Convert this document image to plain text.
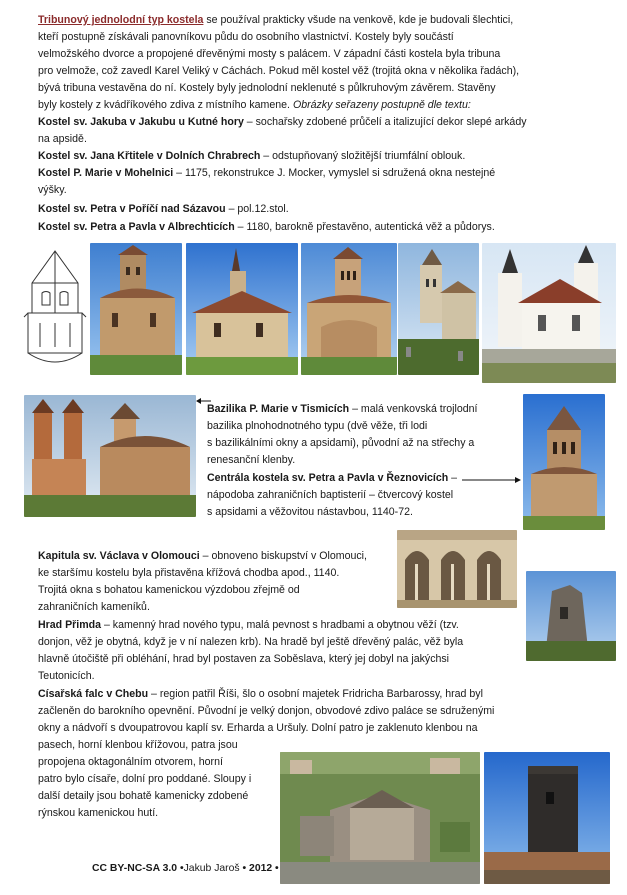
Tribunový jednolodní typ kostela se používal prakticky všude na venkově, kde je budovali šlechtici,
kteří postupně získávali panovníkovu půdu do osobního vlastnictví. Kostely byly součástí
velmožského dvorce a propojené dřevěnými mosty s palácem. V západní části kostela byla tribuna
pro velmože, což zavedl Karel Veliký v Cáchách. Pokud měl kostel věž (trojitá okna v několika řadách),
bývá tribuna vestavěna do ní. Kostely byly jednolodní neklenuté s půlkruhovým závěrem. Stavěny
byly kostely z kvádříkového zdiva z místního kamene. Obrázky seřazeny postupně dle textu:
Kostel sv. Jakuba v Jakubu u Kutné hory – sochařsky zdobené průčelí a italizující dekor slepé arkády
na apsidě.
Kostel sv. Jana Křtitele v Dolních Chrabrech – odstupňovaný složitější triumfální oblouk.
Kostel P. Marie v Mohelnici – 1175, rekonstrukce J. Mocker, vymyslel si sdružená okna nestejné
výšky.
Kostel sv. Petra v Poříčí nad Sázavou – pol.12.stol.
Kostel sv. Petra a Pavla v Albrechticích – 1180, barokně přestavěno, autentická věž a půdorys.
Bazilika P. Marie v Tismicích – malá venkovská trojlodní
bazilika plnohodnotného typu (dvě věže, tři lodi
s bazilikálními okny a apsidami), původní až na střechy a
renesanční klenby.
Centrála kostela sv. Petra a Pavla v Řeznovicích –
nápodoba zahraničních baptisterií – čtvercový kostel
s apsidami a věžovitou nástavbou, 1140-72.
Kapitula sv. Václava v Olomouci – obnoveno biskupství v Olomouci,
ke staršímu kostelu byla přistavěna křížová chodba apod., 1140.
Trojitá okna s bohatou kamenickou výzdobou zřejmě od
zahraničních kameníků.
Hrad Přimda – kamenný hrad nového typu, malá pevnost s hradbami a obytnou věží (tzv.
donjon, věž je obytná, když je v ní nalezen krb). Na hradě byl ještě dřevěný palác, věž byla
hlavně útočiště při obléhání, hrad byl postaven za Soběslava, který jej dobyl na jakýchsi
Teutonicích.
Císařská falc v Chebu – region patřil Říši, šlo o osobní majetek Fridricha Barbarossy, hrad byl
začleněn do barokního opevnění. Původní je velký donjon, obvodové zdivo paláce se sdruženými
okny a nádvoří s dvoupatrovou kaplí sv. Erharda a Uršuly. Dolní patro je zaklenuto klenbou na
pasech, horní klenbou křížovou, patra jsou
propojena oktagonálním otvorem, horní
patro bylo císaře, dolní pro poddané. Sloupy i
další detaily jsou bohatě kamenicky zdobené
rýnskou kamenickou hutí.
CC BY-NC-SA 3.0 •Jakub Jaroš • 2012 •
